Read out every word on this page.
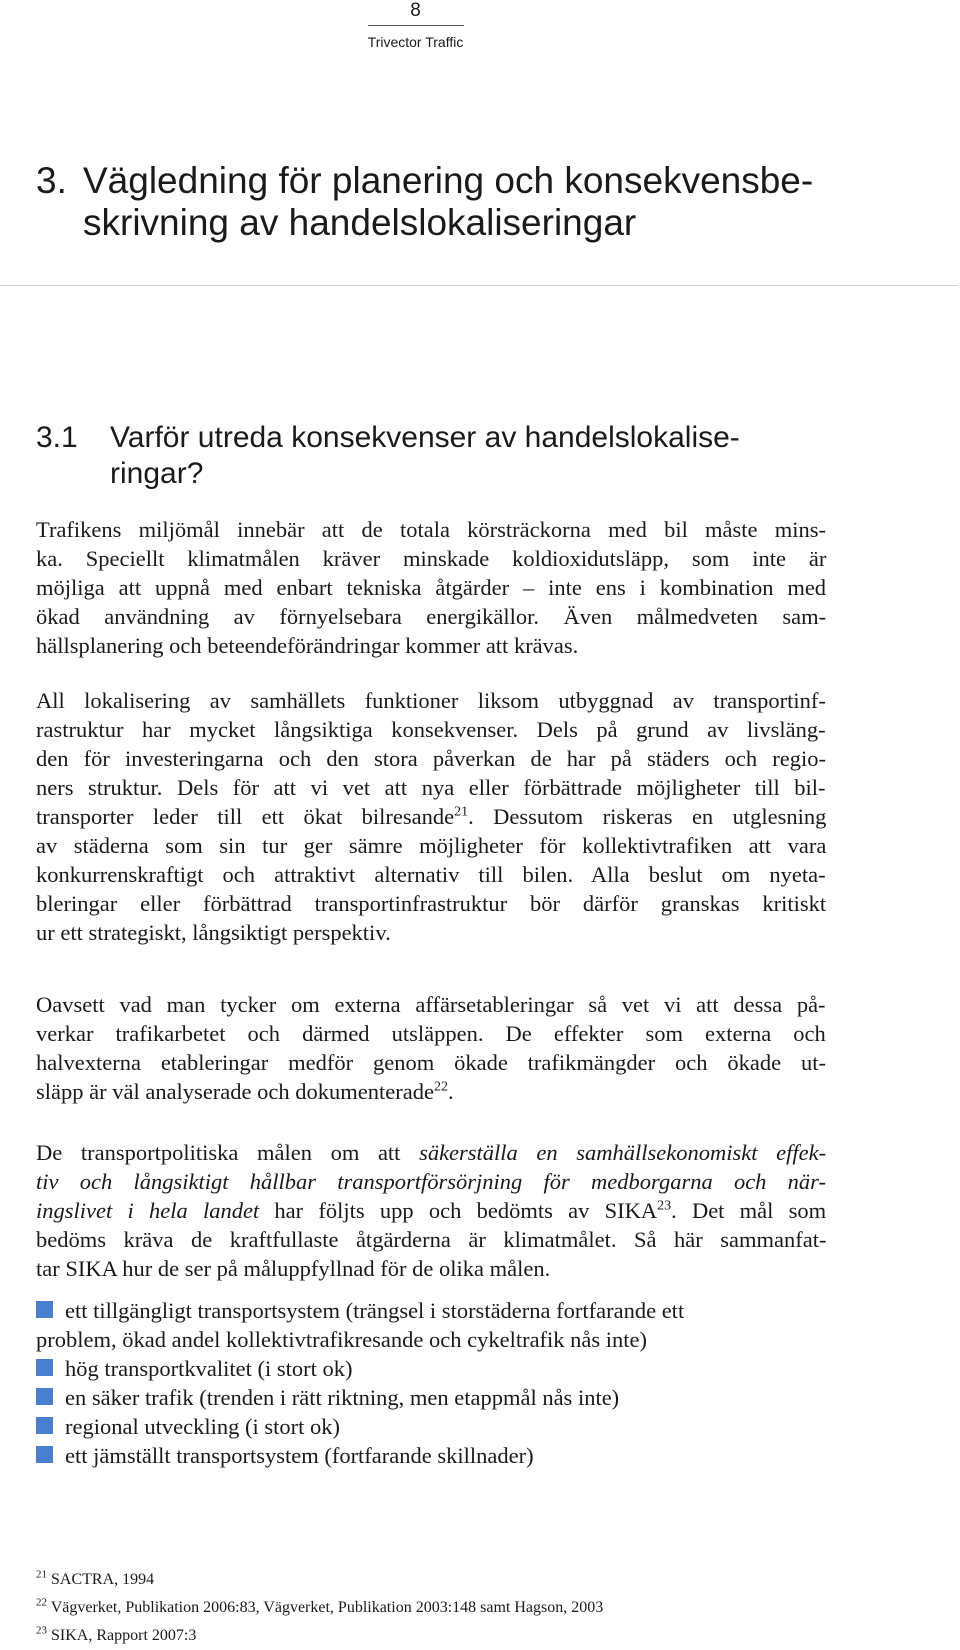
8
Trivector Traffic
3. Vägledning för planering och konsekvensbe-
skrivning av handelslokaliseringar
3.1 Varför utreda konsekvenser av handelslokalise-
ringar?
Trafikens miljömål innebär att de totala körsträckorna med bil måste mins-
ka. Speciellt klimatmålen kräver minskade koldioxidutsläpp, som inte är
möjliga att uppnå med enbart tekniska åtgärder – inte ens i kombination med
ökad användning av förnyelsebara energikällor. Även målmedveten sam-
hällsplanering och beteendeförändringar kommer att krävas.
All lokalisering av samhällets funktioner liksom utbyggnad av transportinf-
rastruktur har mycket långsiktiga konsekvenser. Dels på grund av livsläng-
den för investeringarna och den stora påverkan de har på städers och regio-
ners struktur. Dels för att vi vet att nya eller förbättrade möjligheter till bil-
transporter leder till ett ökat bilresande$^{21}$. Dessutom riskeras en utglesning
av städerna som sin tur ger sämre möjligheter för kollektivtrafiken att vara
konkurrenskraftigt och attraktivt alternativ till bilen. Alla beslut om nyeta-
bleringar eller förbättrad transportinfrastruktur bör därför granskas kritiskt
ur ett strategiskt, långsiktigt perspektiv.
Oavsett vad man tycker om externa affärsetableringar så vet vi att dessa på-
verkar trafikarbetet och därmed utsläppen. De effekter som externa och
halvexterna etableringar medför genom ökade trafikmängder och ökade ut-
släpp är väl analyserade och dokumenterade$^{22}$.
De transportpolitiska målen om att säkerställa en samhällsekonomiskt effek-
tiv och långsiktigt hållbar transportförsörjning för medborgarna och när-
ingslivet i hela landet har följts upp och bedömts av SIKA$^{23}$. Det mål som
bedöms kräva de kraftfullaste åtgärderna är klimatmålet. Så här sammanfat-
tar SIKA hur de ser på måluppfyllnad för de olika målen.
ett tillgängligt transportsystem (trängsel i storstäderna fortfarande ett
problem, ökad andel kollektivtrafikresande och cykeltrafik nås inte)
hög transportkvalitet (i stort ok)
en säker trafik (trenden i rätt riktning, men etappmål nås inte)
regional utveckling (i stort ok)
ett jämställt transportsystem (fortfarande skillnader)
$^{21}$ SACTRA, 1994
$^{22}$ Vägverket, Publikation 2006:83, Vägverket, Publikation 2003:148 samt Hagson, 2003
$^{23}$ SIKA, Rapport 2007:3
